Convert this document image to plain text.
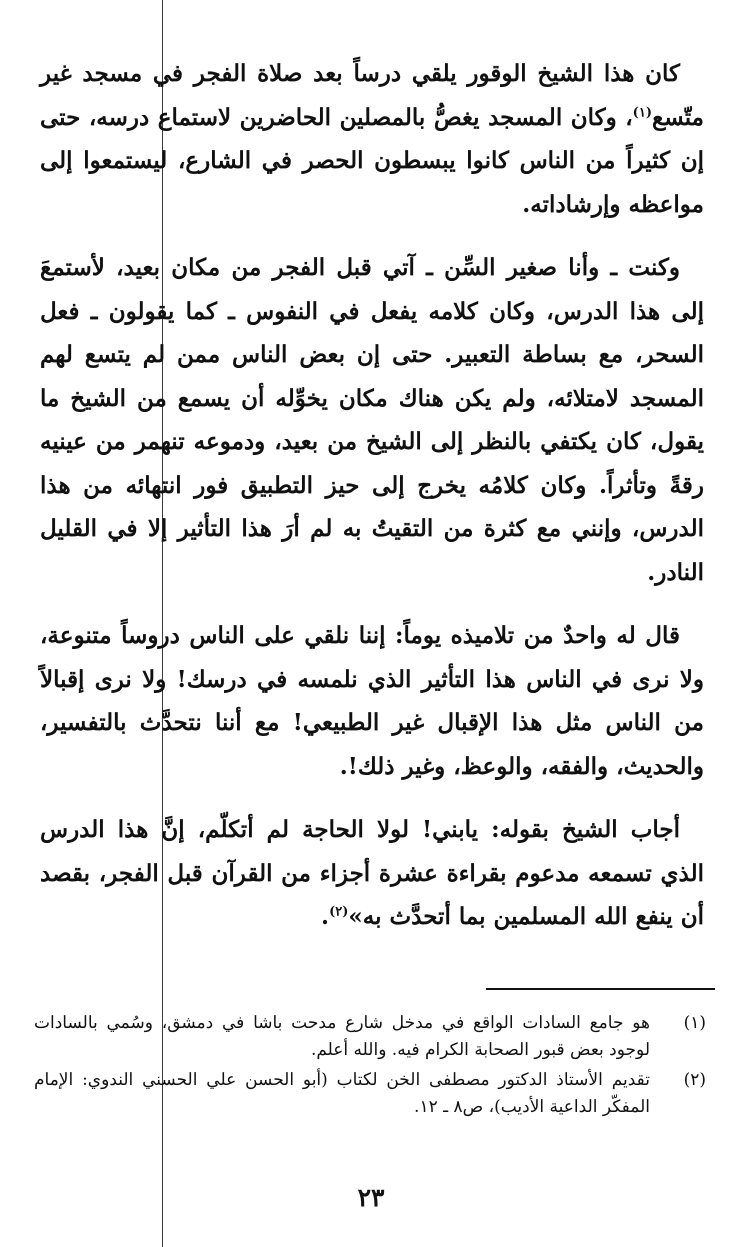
كان هذا الشيخ الوقور يلقي درساً بعد صلاة الفجر في مسجد غير متّسع$^{(١)}$، وكان المسجد يغصُّ بالمصلين الحاضرين لاستماع درسه، حتى إن كثيراً من الناس كانوا يبسطون الحصر في الشارع، ليستمعوا إلى مواعظه وإرشاداته.

وكنت ـ وأنا صغير السِّن ـ آتي قبل الفجر من مكان بعيد، لأستمعَ إلى هذا الدرس، وكان كلامه يفعل في النفوس ـ كما يقولون ـ فعل السحر، مع بساطة التعبير. حتى إن بعض الناس ممن لم يتسع لهم المسجد لامتلائه، ولم يكن هناك مكان يخوِّله أن يسمع من الشيخ ما يقول، كان يكتفي بالنظر إلى الشيخ من بعيد، ودموعه تنهمر من عينيه رقةً وتأثراً. وكان كلامُه يخرج إلى حيز التطبيق فور انتهائه من هذا الدرس، وإنني مع كثرة من التقيتُ به لم أرَ هذا التأثير إلا في القليل النادر.

قال له واحدٌ من تلاميذه يوماً: إننا نلقي على الناس دروساً متنوعة، ولا نرى في الناس هذا التأثير الذي نلمسه في درسك! ولا نرى إقبالاً من الناس مثل هذا الإقبال غير الطبيعي! مع أننا نتحدَّث بالتفسير، والحديث، والفقه، والوعظ، وغير ذلك!.

أجاب الشيخ بقوله: يابني! لولا الحاجة لم أتكلّم، إنَّ هذا الدرس الذي تسمعه مدعوم بقراءة عشرة أجزاء من القرآن قبل الفجر، بقصد أن ينفع الله المسلمين بما أتحدَّث به»$^{(٢)}$.

(١)
هو جامع السادات الواقع في مدخل شارع مدحت باشا في دمشق، وسُمي بالسادات لوجود بعض قبور الصحابة الكرام فيه. والله أعلم.
(٢)
تقديم الأستاذ الدكتور مصطفى الخن لكتاب (أبو الحسن علي الحسني الندوي: الإمام المفكّر الداعية الأديب)، ص٨ ـ ١٢.
٢٣
